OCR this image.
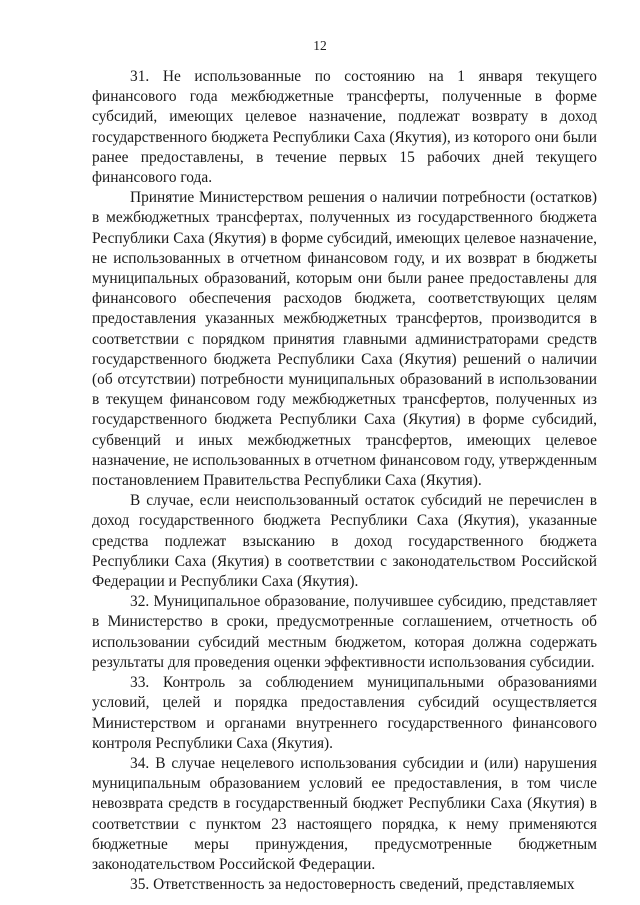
12

31. Не использованные по состоянию на 1 января текущего финансового года межбюджетные трансферты, полученные в форме субсидий, имеющих целевое назначение, подлежат возврату в доход государственного бюджета Республики Саха (Якутия), из которого они были ранее предоставлены, в течение первых 15 рабочих дней текущего финансового года.

Принятие Министерством решения о наличии потребности (остатков) в межбюджетных трансфертах, полученных из государственного бюджета Республики Саха (Якутия) в форме субсидий, имеющих целевое назначение, не использованных в отчетном финансовом году, и их возврат в бюджеты муниципальных образований, которым они были ранее предоставлены для финансового обеспечения расходов бюджета, соответствующих целям предоставления указанных межбюджетных трансфертов, производится в соответствии с порядком принятия главными администраторами средств государственного бюджета Республики Саха (Якутия) решений о наличии (об отсутствии) потребности муниципальных образований в использовании в текущем финансовом году межбюджетных трансфертов, полученных из государственного бюджета Республики Саха (Якутия) в форме субсидий, субвенций и иных межбюджетных трансфертов, имеющих целевое назначение, не использованных в отчетном финансовом году, утвержденным постановлением Правительства Республики Саха (Якутия).

В случае, если неиспользованный остаток субсидий не перечислен в доход государственного бюджета Республики Саха (Якутия), указанные средства подлежат взысканию в доход государственного бюджета Республики Саха (Якутия) в соответствии с законодательством Российской Федерации и Республики Саха (Якутия).

32. Муниципальное образование, получившее субсидию, представляет в Министерство в сроки, предусмотренные соглашением, отчетность об использовании субсидий местным бюджетом, которая должна содержать результаты для проведения оценки эффективности использования субсидии.

33. Контроль за соблюдением муниципальными образованиями условий, целей и порядка предоставления субсидий осуществляется Министерством и органами внутреннего государственного финансового контроля Республики Саха (Якутия).

34. В случае нецелевого использования субсидии и (или) нарушения муниципальным образованием условий ее предоставления, в том числе невозврата средств в государственный бюджет Республики Саха (Якутия) в соответствии с пунктом 23 настоящего порядка, к нему применяются бюджетные меры принуждения, предусмотренные бюджетным законодательством Российской Федерации.

35. Ответственность за недостоверность сведений, представляемых
